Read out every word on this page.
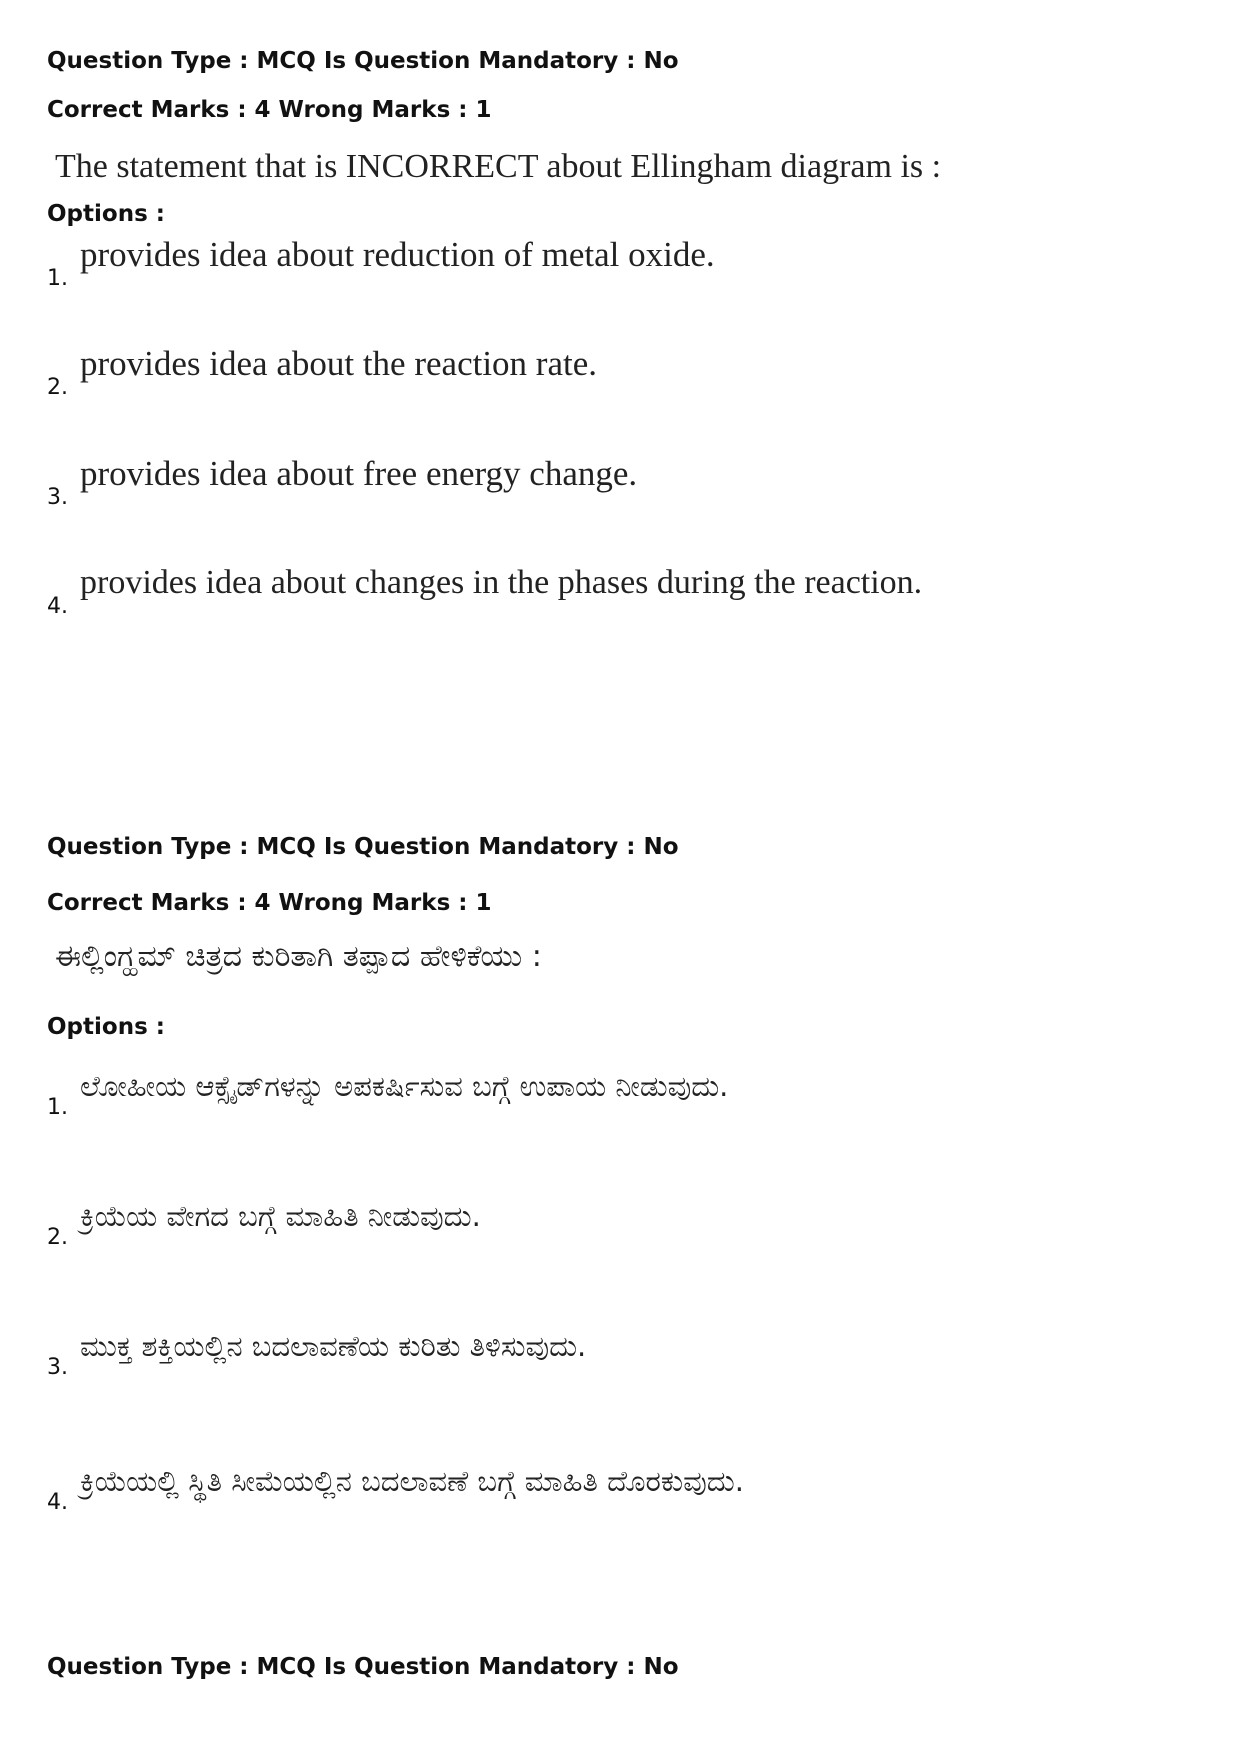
Question Type : MCQ Is Question Mandatory : No
Correct Marks : 4 Wrong Marks : 1
The statement that is INCORRECT about Ellingham diagram is :
Options :
1.provides idea about reduction of metal oxide.
2.provides idea about the reaction rate.
3.provides idea about free energy change.
4.provides idea about changes in the phases during the reaction.
Question Type : MCQ Is Question Mandatory : No
Correct Marks : 4 Wrong Marks : 1
ಈಲ್ಲಿಂಗ್ಹಮ್ ಚಿತ್ರದ ಕುರಿತಾಗಿ ತಪ್ಪಾದ ಹೇಳಿಕೆಯು :
Options :
1.ಲೋಹೀಯ ಆಕ್ಸೈಡ್‌ಗಳನ್ನು ಅಪಕರ್ಷಿಸುವ ಬಗ್ಗೆ ಉಪಾಯ ನೀಡುವುದು.
2.ಕ್ರಿಯೆಯ ವೇಗದ ಬಗ್ಗೆ ಮಾಹಿತಿ ನೀಡುವುದು.
3.ಮುಕ್ತ ಶಕ್ತಿಯಲ್ಲಿನ ಬದಲಾವಣೆಯ ಕುರಿತು ತಿಳಿಸುವುದು.
4.ಕ್ರಿಯೆಯಲ್ಲಿ ಸ್ಥಿತಿ ಸೀಮೆಯಲ್ಲಿನ ಬದಲಾವಣೆ ಬಗ್ಗೆ ಮಾಹಿತಿ ದೊರಕುವುದು.
Question Type : MCQ Is Question Mandatory : No
